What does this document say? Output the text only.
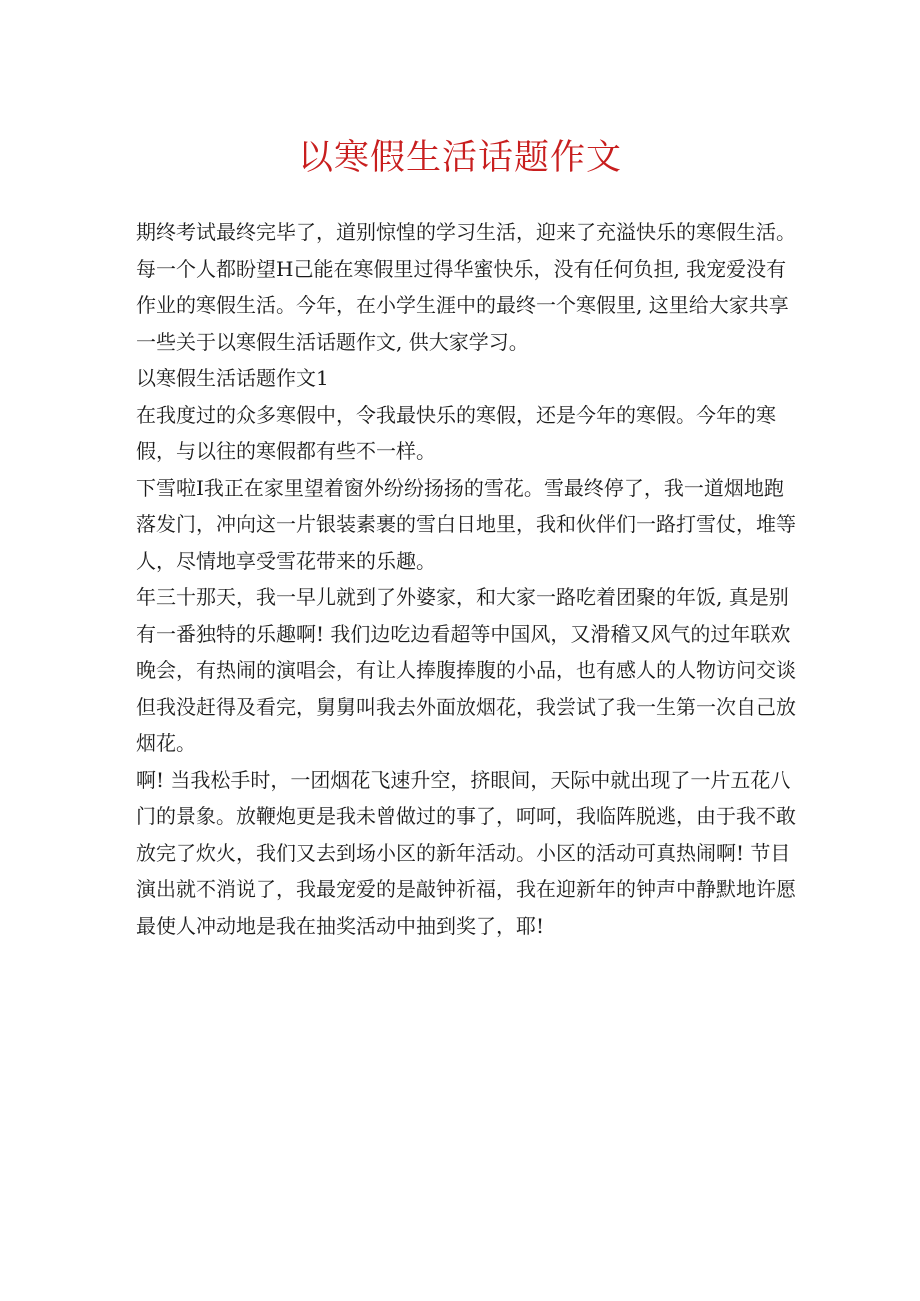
以寒假生活话题作文

期终考试最终完毕了，道别惊惶的学习生活，迎来了充溢快乐的寒假生活。每一个人都盼望H己能在寒假里过得华蜜快乐，没有任何负担, 我宠爱没有作业的寒假生活。今年，在小学生涯中的最终一个寒假里, 这里给大家共享一些关于以寒假生活话题作文, 供大家学习。

以寒假生活话题作文1

在我度过的众多寒假中，令我最快乐的寒假，还是今年的寒假。今年的寒假，与以往的寒假都有些不一样。

下雪啦I我正在家里望着窗外纷纷扬扬的雪花。雪最终停了，我一道烟地跑落发门，冲向这一片银装素裹的雪白日地里，我和伙伴们一路打雪仗，堆等人，尽情地享受雪花带来的乐趣。

年三十那天，我一早儿就到了外婆家，和大家一路吃着团聚的年饭, 真是别有一番独特的乐趣啊! 我们边吃边看超等中国风，又滑稽又风气的过年联欢晚会，有热闹的演唱会，有让人捧腹捧腹的小品，也有感人的人物访问交谈但我没赶得及看完，舅舅叫我去外面放烟花，我尝试了我一生第一次自己放烟花。

啊! 当我松手时，一团烟花飞速升空，挤眼间，天际中就出现了一片五花八门的景象。放鞭炮更是我未曾做过的事了，呵呵，我临阵脱逃，由于我不敢放完了炊火，我们又去到场小区的新年活动。小区的活动可真热闹啊! 节目演出就不消说了，我最宠爱的是敲钟祈福，我在迎新年的钟声中静默地许愿最使人冲动地是我在抽奖活动中抽到奖了，耶!
